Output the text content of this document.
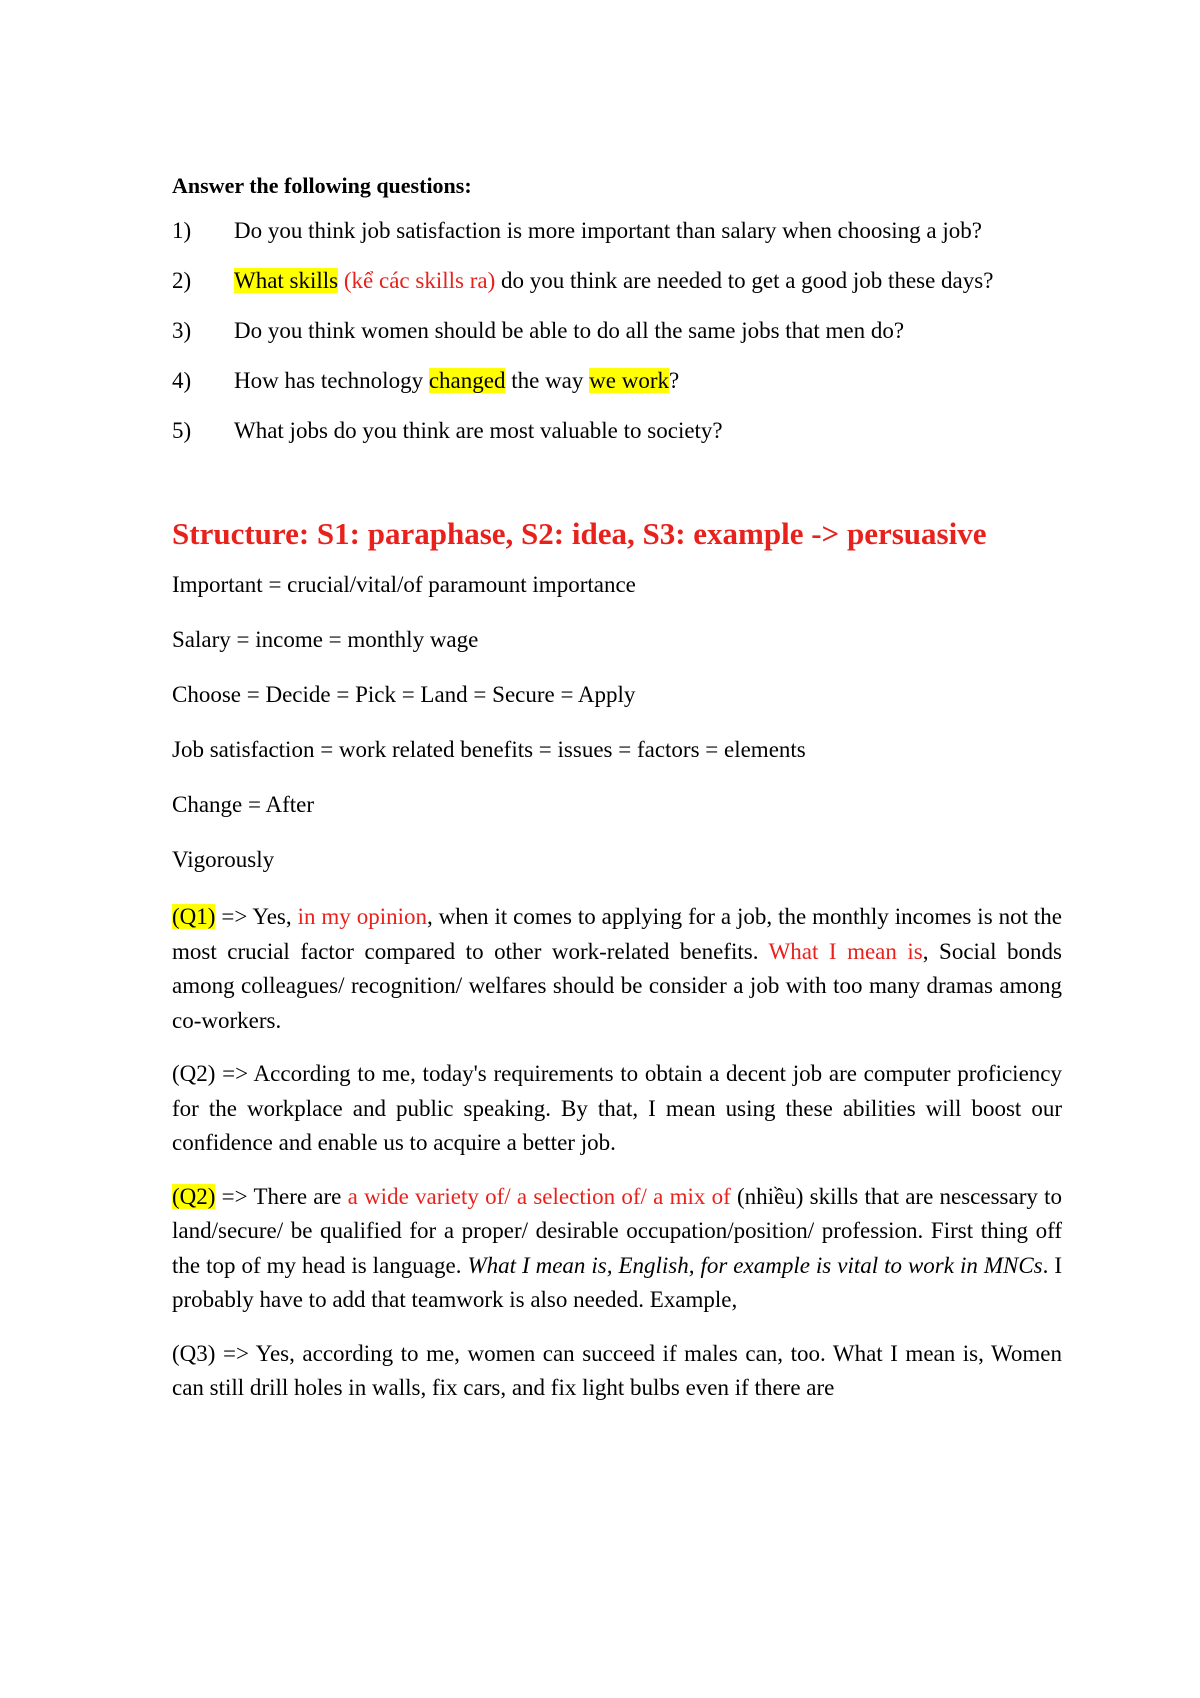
Answer the following questions:

1) Do you think job satisfaction is more important than salary when choosing a job?

2) What skills (kể các skills ra) do you think are needed to get a good job these days?

3) Do you think women should be able to do all the same jobs that men do?

4) How has technology changed the way we work?

5) What jobs do you think are most valuable to society?

Structure: S1: paraphase, S2: idea, S3: example -> persuasive

Important = crucial/vital/of paramount importance

Salary = income = monthly wage

Choose = Decide = Pick = Land = Secure = Apply

Job satisfaction = work related benefits = issues = factors = elements

Change = After

Vigorously

(Q1) => Yes, in my opinion, when it comes to applying for a job, the monthly incomes is not the most crucial factor compared to other work-related benefits. What I mean is, Social bonds among colleagues/ recognition/ welfares should be consider a job with too many dramas among co-workers.

(Q2) => According to me, today's requirements to obtain a decent job are computer proficiency for the workplace and public speaking. By that, I mean using these abilities will boost our confidence and enable us to acquire a better job.

(Q2) => There are a wide variety of/ a selection of/ a mix of (nhiều) skills that are nescessary to land/secure/ be qualified for a proper/ desirable occupation/position/ profession. First thing off the top of my head is language. What I mean is, English, for example is vital to work in MNCs. I probably have to add that teamwork is also needed. Example,

(Q3) => Yes, according to me, women can succeed if males can, too. What I mean is, Women can still drill holes in walls, fix cars, and fix light bulbs even if there are
